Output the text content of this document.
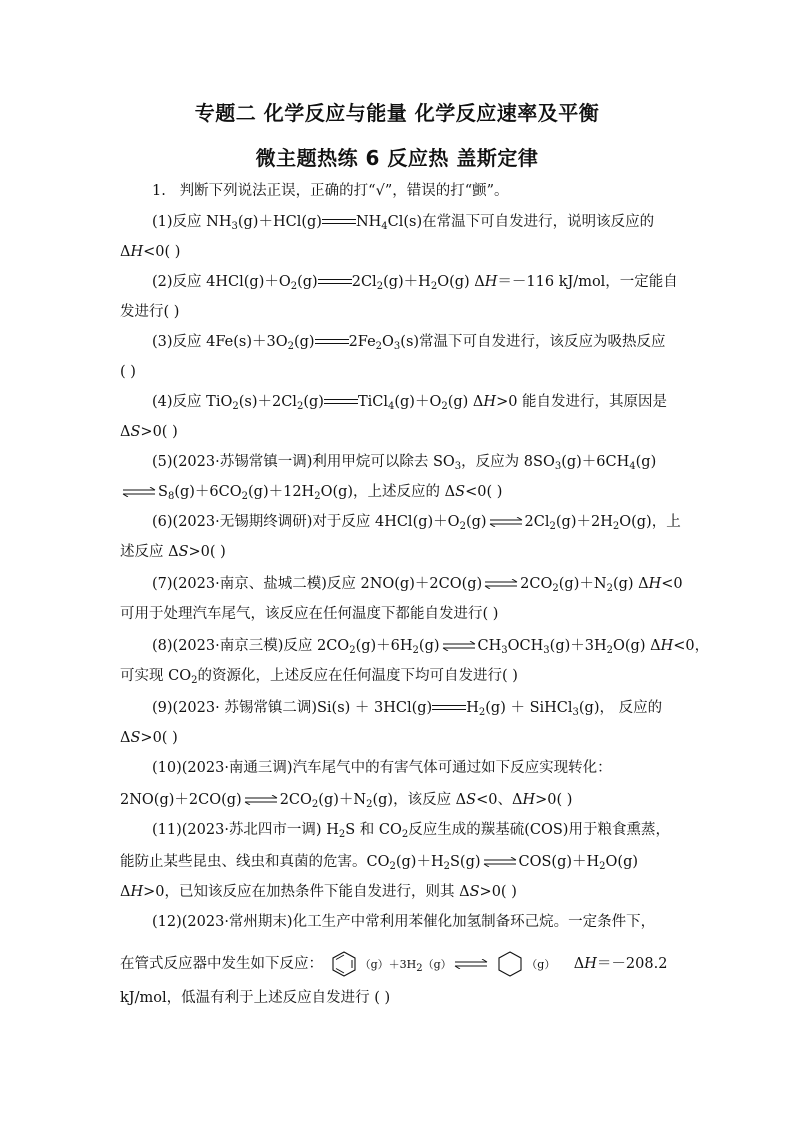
专题二 化学反应与能量 化学反应速率及平衡
微主题热练 6 反应热 盖斯定律
1. 判断下列说法正误，正确的打“√”，错误的打“颤”。
(1)反应 $NH_3(g)+HCl(g)$ $NH_4Cl(s)$在常温下可自发进行，说明该反应的
ΔH<0( )
(2)反应 $4HCl(g)+O_2(g)$ $2Cl_2(g)+H_2O(g)$ ΔH＝－116 kJ/mol，一定能自
发进行( )
(3)反应 $4Fe(s)+3O_2(g)$ $2Fe_2O_3(s)$常温下可自发进行，该反应为吸热反应
( )
(4)反应 $TiO_2(s)+2Cl_2(g)$ $TiCl_4(g)+O_2(g)$ ΔH>0 能自发进行，其原因是
ΔS>0( )
(5)(2023·苏锡常镇一调)利用甲烷可以除去 $SO_3$，反应为 $8SO_3(g)+6CH_4(g)$
⇌ $S_8(g)+6CO_2(g)+12H_2O(g)$，上述反应的 ΔS<0( )
(6)(2023·无锡期终调研)对于反应 $4HCl(g)+O_2(g)$ ⇌ $2Cl_2(g)+2H_2O(g)$，上
述反应 ΔS>0( )
(7)(2023·南京、盐城二模)反应 2NO(g)＋2CO(g) ⇌ $2CO_2(g)+N_2(g)$ ΔH<0
可用于处理汽车尾气，该反应在任何温度下都能自发进行( )
(8)(2023·南京三模)反应 $2CO_2(g)+6H_2(g)$ ⇌ $CH_3OCH_3(g)+3H_2O(g)$ ΔH<0，
可实现 $CO_2$的资源化，上述反应在任何温度下均可自发进行( )
(9)(2023· 苏锡常镇二调)Si(s) ＋ 3HCl(g) $H_2(g)$ ＋ SiHCl$_3$(g)， 反应的
ΔS>0( )
(10)(2023·南通三调)汽车尾气中的有害气体可通过如下反应实现转化：
2NO(g)＋2CO(g) ⇌ $2CO_2(g)+N_2(g)$，该反应 ΔS<0、ΔH>0( )
(11)(2023·苏北四市一调) $H_2S$ 和 $CO_2$反应生成的羰基硫(COS)用于粮食熏蒸，
能防止某些昆虫、线虫和真菌的危害。$CO_2(g)+H_2S(g)$ ⇌ $COS(g)+H_2O(g)$
ΔH>0，已知该反应在加热条件下能自发进行，则其 ΔS>0( )
(12)(2023·常州期末)化工生产中常利用苯催化加氢制备环己烷。一定条件下，
在管式反应器中发生如下反应：	$(g)+3H_2(g)$ ⇌	（g） ΔH＝－208.2
kJ/mol，低温有利于上述反应自发进行 ( )
